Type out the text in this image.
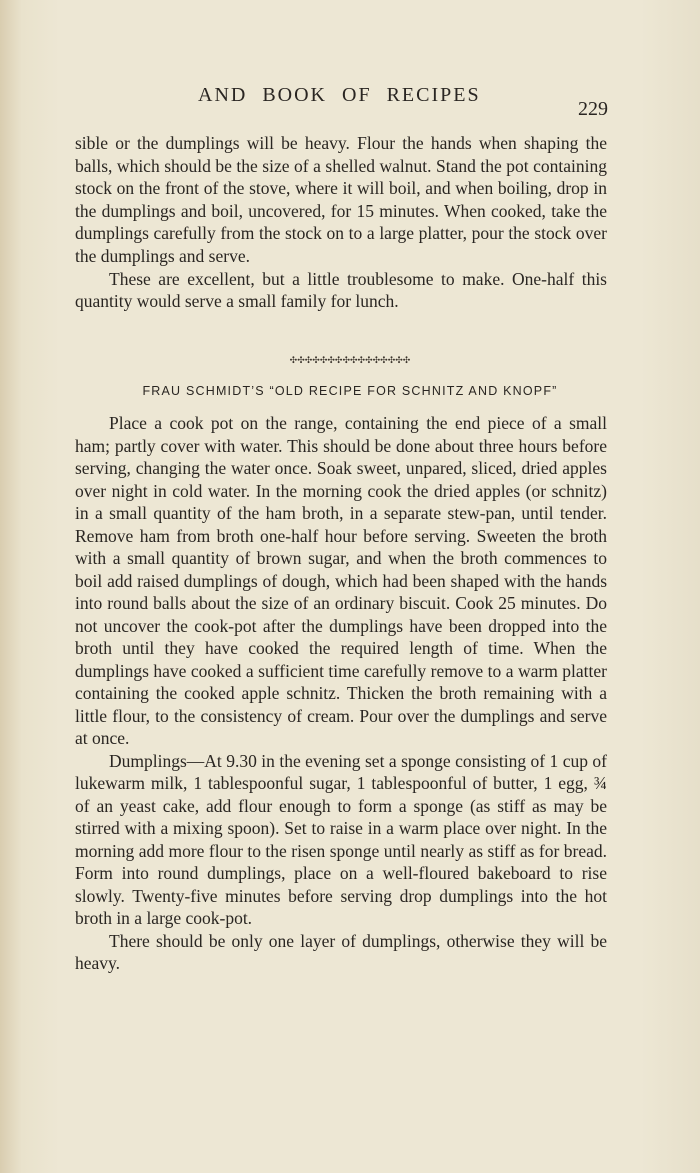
AND BOOK OF RECIPES
229

sible or the dumplings will be heavy. Flour the hands when shaping the balls, which should be the size of a shelled walnut. Stand the pot containing stock on the front of the stove, where it will boil, and when boiling, drop in the dumplings and boil, uncovered, for 15 minutes. When cooked, take the dumplings carefully from the stock on to a large platter, pour the stock over the dumplings and serve.

These are excellent, but a little troublesome to make. One-half this quantity would serve a small family for lunch.

✣✣✣✣✣✣✣✣✣✣✣✣✣✣✣✣
FRAU SCHMIDT’S “OLD RECIPE FOR SCHNITZ AND KNOPF”

Place a cook pot on the range, containing the end piece of a small ham; partly cover with water. This should be done about three hours before serving, changing the water once. Soak sweet, unpared, sliced, dried apples over night in cold water. In the morning cook the dried apples (or schnitz) in a small quantity of the ham broth, in a separate stew-pan, until tender. Remove ham from broth one-half hour before serving. Sweeten the broth with a small quantity of brown sugar, and when the broth commences to boil add raised dumplings of dough, which had been shaped with the hands into round balls about the size of an ordinary biscuit. Cook 25 minutes. Do not uncover the cook-pot after the dumplings have been dropped into the broth until they have cooked the required length of time. When the dumplings have cooked a sufficient time carefully remove to a warm platter containing the cooked apple schnitz. Thicken the broth remaining with a little flour, to the consistency of cream. Pour over the dumplings and serve at once.

Dumplings—At 9.30 in the evening set a sponge consisting of 1 cup of lukewarm milk, 1 tablespoonful sugar, 1 tablespoonful of butter, 1 egg, ¾ of an yeast cake, add flour enough to form a sponge (as stiff as may be stirred with a mixing spoon). Set to raise in a warm place over night. In the morning add more flour to the risen sponge until nearly as stiff as for bread. Form into round dumplings, place on a well-floured bakeboard to rise slowly. Twenty-five minutes before serving drop dumplings into the hot broth in a large cook-pot.

There should be only one layer of dumplings, otherwise they will be heavy.
